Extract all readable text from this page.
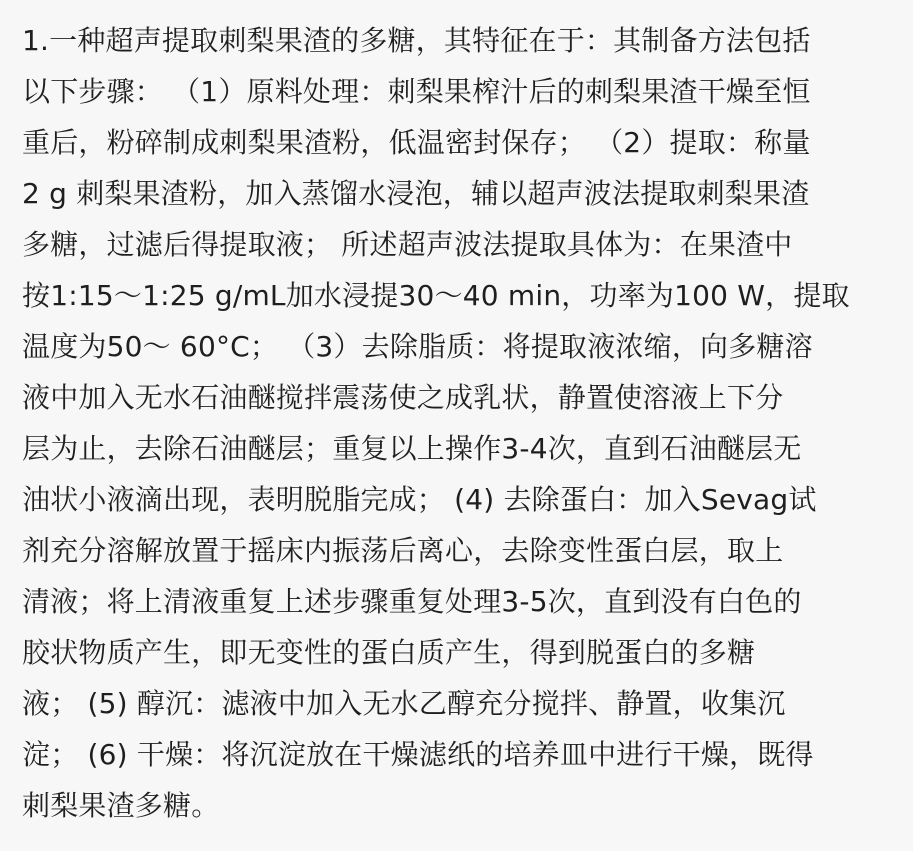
1.一种超声提取刺梨果渣的多糖，其特征在于：其制备方法包括

以下步骤： （1）原料处理：刺梨果榨汁后的刺梨果渣干燥至恒

重后，粉碎制成刺梨果渣粉，低温密封保存； （2）提取：称量

2 g 刺梨果渣粉，加入蒸馏水浸泡，辅以超声波法提取刺梨果渣

多糖，过滤后得提取液； 所述超声波法提取具体为：在果渣中

按1:15～1:25 g/mL加水浸提30～40 min，功率为100 W，提取

温度为50～ 60°C； （3）去除脂质：将提取液浓缩，向多糖溶

液中加入无水石油醚搅拌震荡使之成乳状，静置使溶液上下分

层为止，去除石油醚层；重复以上操作3-4次，直到石油醚层无

油状小液滴出现，表明脱脂完成； (4) 去除蛋白：加入Sevag试

剂充分溶解放置于摇床内振荡后离心，去除变性蛋白层，取上

清液；将上清液重复上述步骤重复处理3-5次，直到没有白色的

胶状物质产生，即无变性的蛋白质产生，得到脱蛋白的多糖

液； (5) 醇沉：滤液中加入无水乙醇充分搅拌、静置，收集沉

淀； (6) 干燥：将沉淀放在干燥滤纸的培养皿中进行干燥，既得

刺梨果渣多糖。
